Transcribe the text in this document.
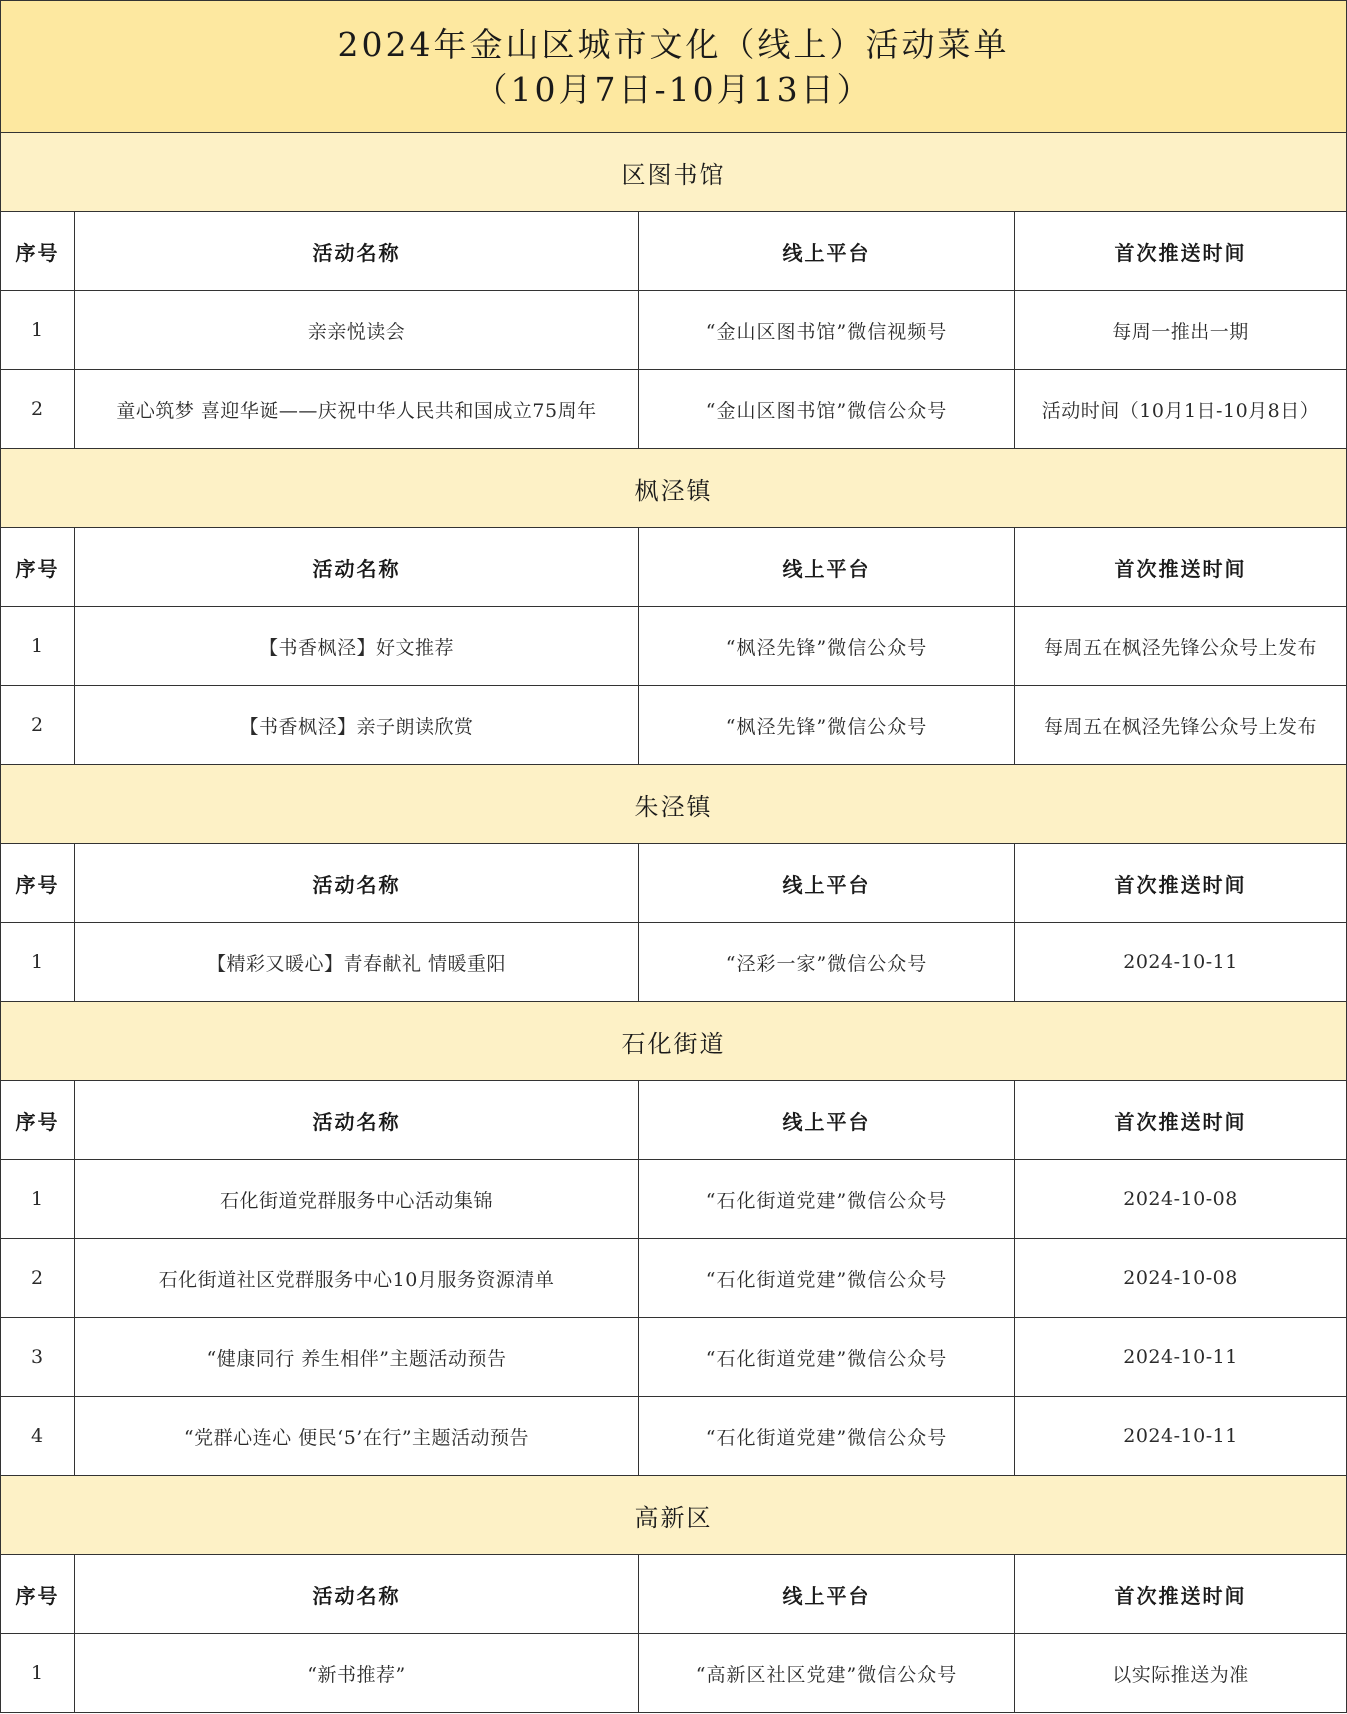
2024年金山区城市文化（线上）活动菜单
（10月7日-10月13日）			

区图书馆			
序号	活动名称	线上平台	首次推送时间
1	亲亲悦读会	“金山区图书馆”微信视频号	每周一推出一期
2	童心筑梦 喜迎华诞——庆祝中华人民共和国成立75周年	“金山区图书馆”微信公众号	活动时间（10月1日-10月8日）
枫泾镇			
序号	活动名称	线上平台	首次推送时间
1	【书香枫泾】好文推荐	“枫泾先锋”微信公众号	每周五在枫泾先锋公众号上发布
2	【书香枫泾】亲子朗读欣赏	“枫泾先锋”微信公众号	每周五在枫泾先锋公众号上发布
朱泾镇			
序号	活动名称	线上平台	首次推送时间
1	【精彩又暖心】青春献礼 情暖重阳	“泾彩一家”微信公众号	2024-10-11
石化街道			
序号	活动名称	线上平台	首次推送时间
1	石化街道党群服务中心活动集锦	“石化街道党建”微信公众号	2024-10-08
2	石化街道社区党群服务中心10月服务资源清单	“石化街道党建”微信公众号	2024-10-08
3	“健康同行 养生相伴”主题活动预告	“石化街道党建”微信公众号	2024-10-11
4	“党群心连心 便民‘5’在行”主题活动预告	“石化街道党建”微信公众号	2024-10-11
高新区			
序号	活动名称	线上平台	首次推送时间
1	“新书推荐”	“高新区社区党建”微信公众号	以实际推送为准
